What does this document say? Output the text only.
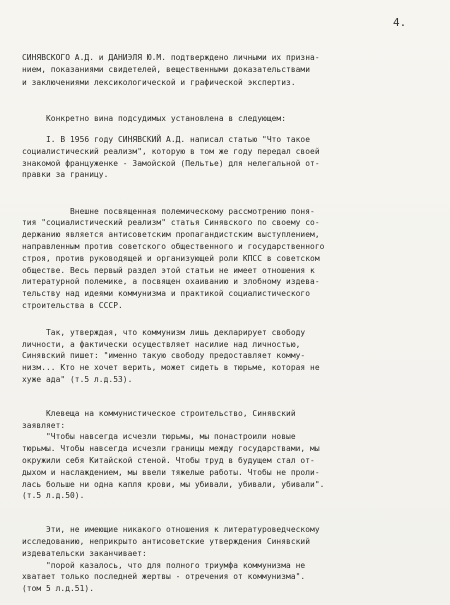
4.
СИНЯВСКОГО А.Д. и ДАНИЭЛЯ Ю.М. подтверждено личными их призна-
нием, показаниями свидетелей, вещественными доказательствами
и заключениями лексикологической и графической экспертиз.
Конкретно вина подсудимых установлена в следующем:
I. В 1956 году СИНЯВСКИЙ А.Д. написал статью "Что такое
социалистический реализм", которую в том же году передал своей
знакомой француженке - Замойской (Пельтье) для нелегальной от-
правки за границу.
Внешне посвященная полемическому рассмотрению поня-
тия "социалистический реализм" статья Синявского по своему со-
держанию является антисоветским пропагандистским выступлением,
направленным против советского общественного и государственного
строя, против руководящей и организующей роли КПСС в советском
обществе. Весь первый раздел этой статьи не имеет отношения к
литературной полемике, а посвящен охаиванию и злобному издева-
тельству над идеями коммунизма и практикой социалистического
строительства в СССР.
Так, утверждая, что коммунизм лишь декларирует свободу
личности, а фактически осуществляет насилие над личностью,
Синявский пишет: "именно такую свободу предоставляет комму-
низм... Кто не хочет верить, может сидеть в тюрьме, которая не
хуже ада" (т.5 л.д.53).
Клевеща на коммунистическое строительство, Синявский
заявляет:
"Чтобы навсегда исчезли тюрьмы, мы понастроили новые
тюрьмы. Чтобы навсегда исчезли границы между государствами, мы
окружили себя Китайской стеной. Чтобы труд в будущем стал от-
дыхом и наслаждением, мы ввели тяжелые работы. Чтобы не проли-
лась больше ни одна капля крови, мы убивали, убивали, убивали".
(т.5 л.д.50).
Эти, не имеющие никакого отношения к литературоведческому
исследованию, неприкрыто антисоветские утверждения Синявский
издевательски заканчивает:
"порой казалось, что для полного триумфа коммунизма не
хватает только последней жертвы - отречения от коммунизма".
(том 5 л.д.51).
